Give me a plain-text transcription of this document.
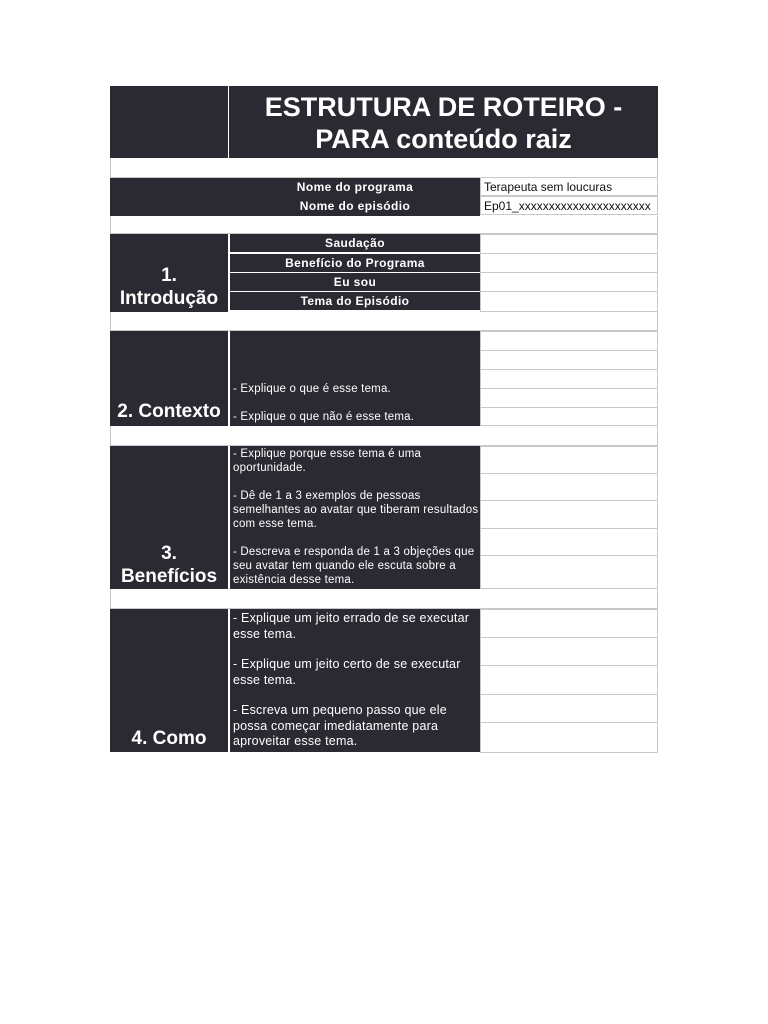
ESTRUTURA DE ROTEIRO -
PARA conteúdo raiz
Nome do programa	Terapeuta sem loucuras
Nome do episódio	Ep01_xxxxxxxxxxxxxxxxxxxxxx
1.
Introdução
Saudação
Benefício do Programa
Eu sou
Tema do Episódio
2. Contexto
- Explique o que é esse tema.
- Explique o que não é esse tema.
3.
Benefícios

- Explique porque esse tema é uma oportunidade.

- Dê de 1 a 3 exemplos de pessoas semelhantes ao avatar que tiberam resultados com esse tema.

- Descreva e responda de 1 a 3 objeções que seu avatar tem quando ele escuta sobre a existência desse tema.

4. Como

- Explique um jeito errado de se executar esse tema.

- Explique um jeito certo de se executar esse tema.

- Escreva um pequeno passo que ele possa começar imediatamente para aproveitar esse tema.
